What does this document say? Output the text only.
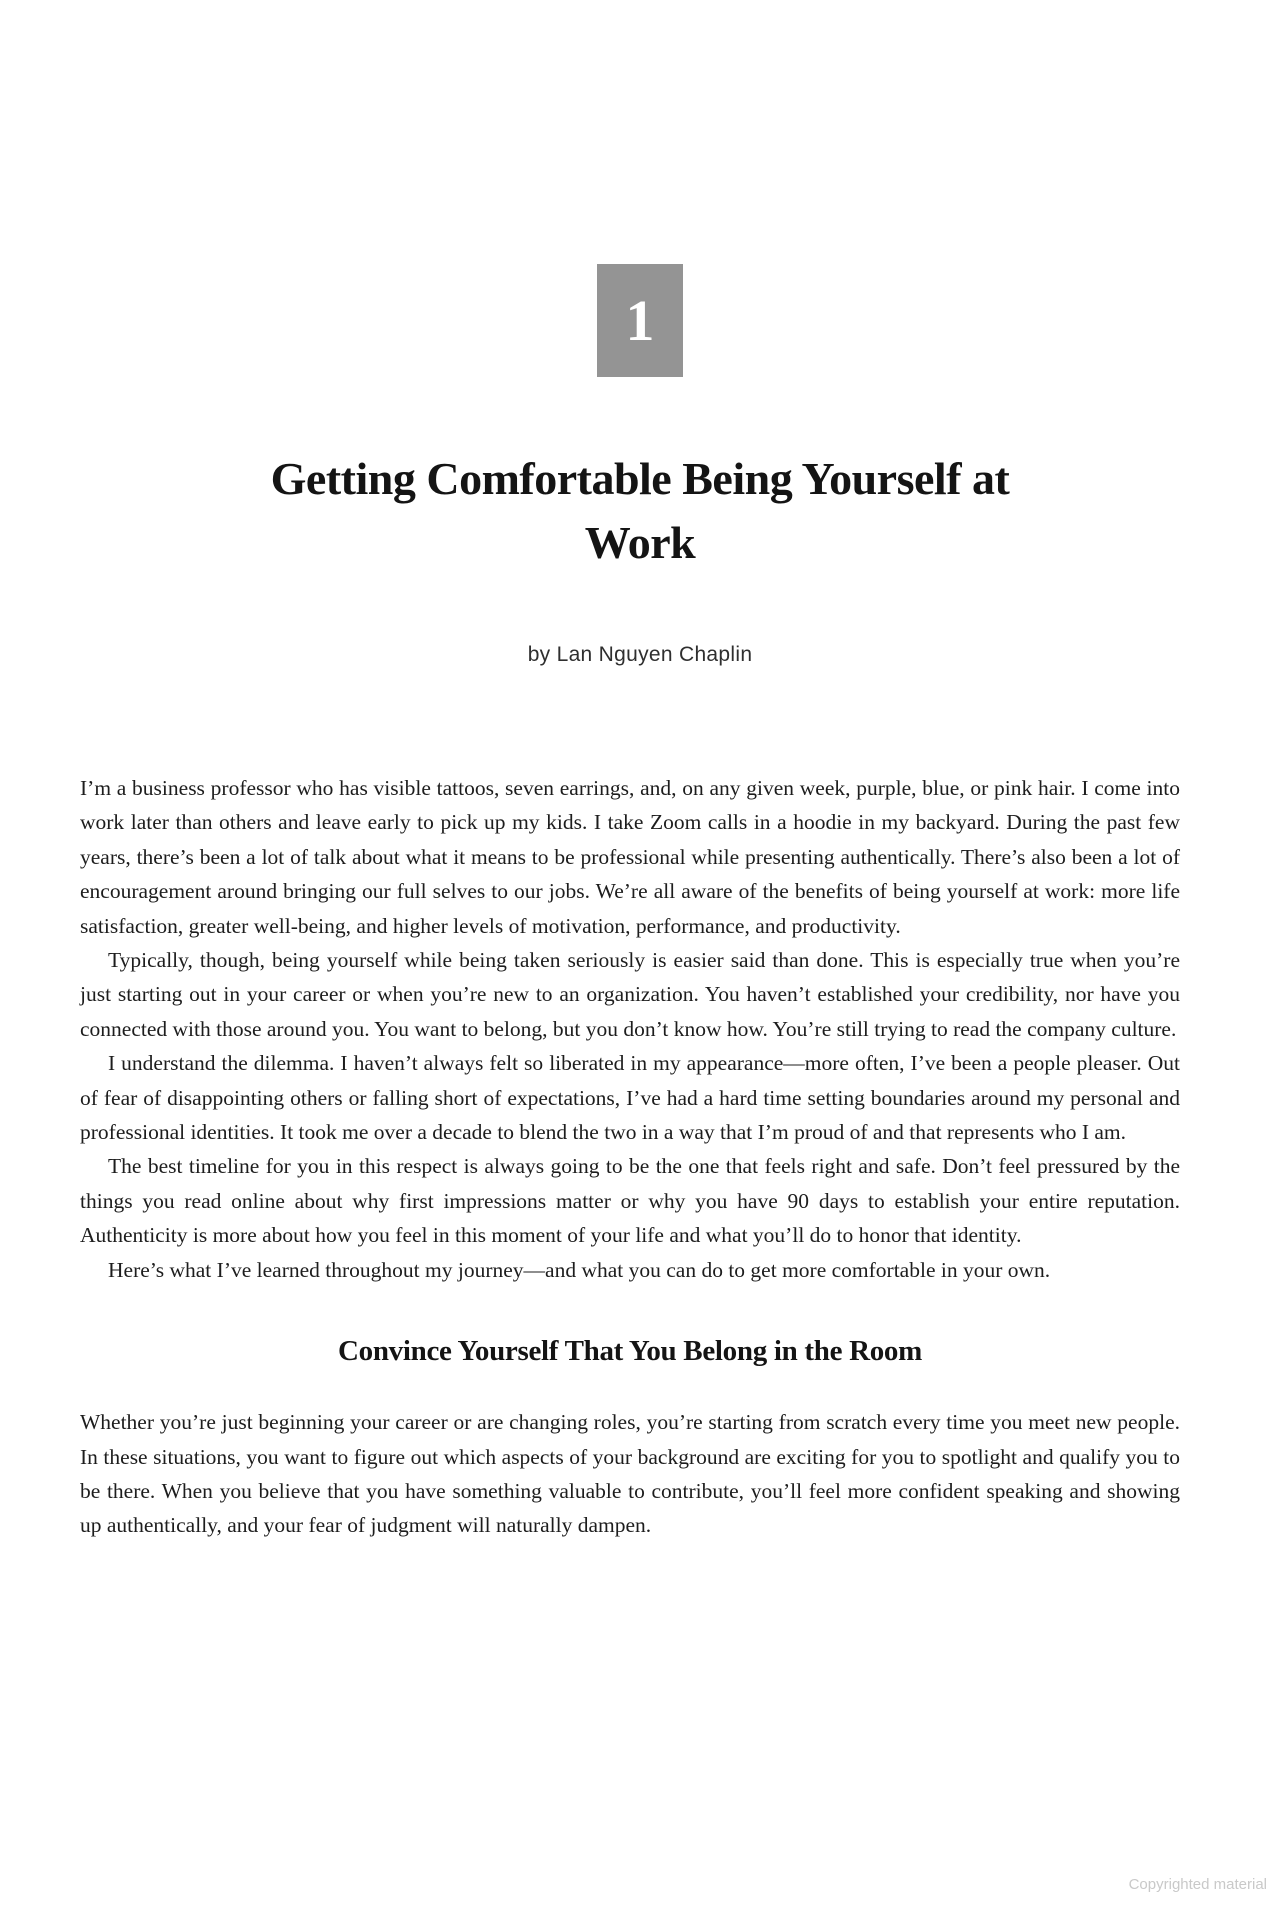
1
Getting Comfortable Being Yourself at
Work
by Lan Nguyen Chaplin

I’m a business professor who has visible tattoos, seven earrings, and, on any given week, purple, blue, or pink hair. I come into work later than others and leave early to pick up my kids. I take Zoom calls in a hoodie in my backyard. During the past few years, there’s been a lot of talk about what it means to be professional while presenting authentically. There’s also been a lot of encouragement around bringing our full selves to our jobs. We’re all aware of the benefits of being yourself at work: more life satisfaction, greater well-being, and higher levels of motivation, performance, and productivity.

Typically, though, being yourself while being taken seriously is easier said than done. This is especially true when you’re just starting out in your career or when you’re new to an organization. You haven’t established your credibility, nor have you connected with those around you. You want to belong, but you don’t know how. You’re still trying to read the company culture.

I understand the dilemma. I haven’t always felt so liberated in my appearance—more often, I’ve been a people pleaser. Out of fear of disappointing others or falling short of expectations, I’ve had a hard time setting boundaries around my personal and professional identities. It took me over a decade to blend the two in a way that I’m proud of and that represents who I am.

The best timeline for you in this respect is always going to be the one that feels right and safe. Don’t feel pressured by the things you read online about why first impressions matter or why you have 90 days to establish your entire reputation. Authenticity is more about how you feel in this moment of your life and what you’ll do to honor that identity.

Here’s what I’ve learned throughout my journey—and what you can do to get more comfortable in your own.

Convince Yourself That You Belong in the Room

Whether you’re just beginning your career or are changing roles, you’re starting from scratch every time you meet new people. In these situations, you want to figure out which aspects of your background are exciting for you to spotlight and qualify you to be there. When you believe that you have something valuable to contribute, you’ll feel more confident speaking and showing up authentically, and your fear of judgment will naturally dampen.

Copyrighted material
